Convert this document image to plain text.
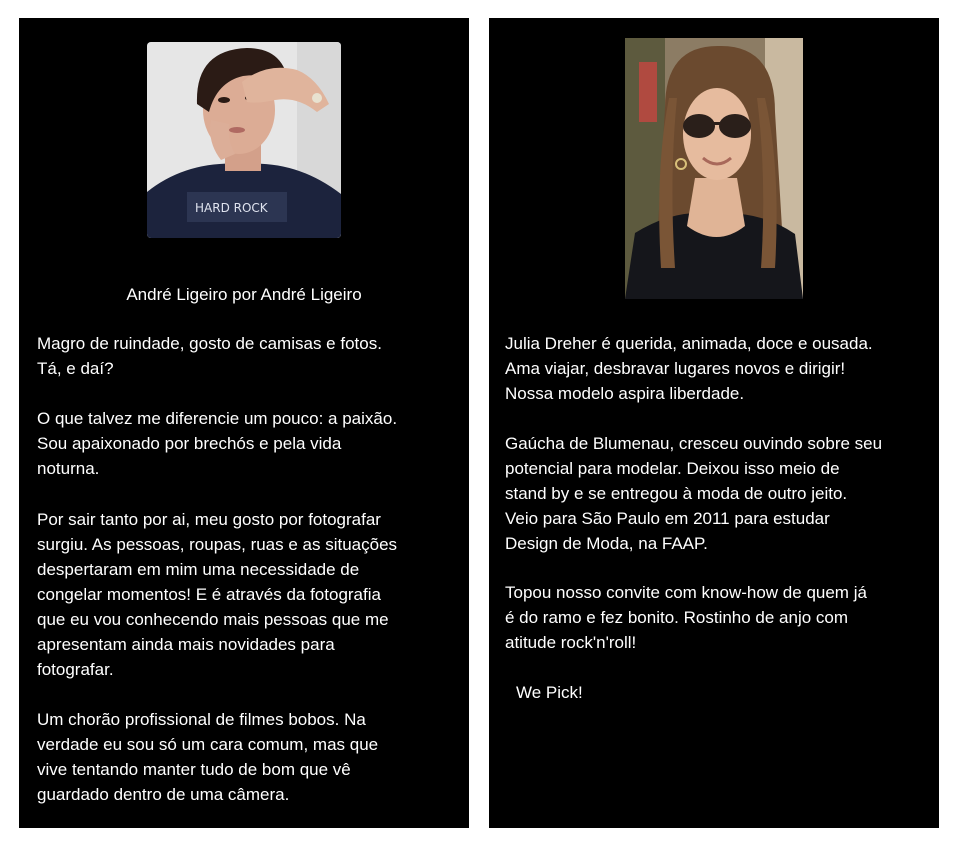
HARD ROCK
André Ligeiro por André Ligeiro
Magro de ruindade, gosto de camisas e fotos.
Tá, e daí?
O que talvez me diferencie um pouco: a paixão.
Sou apaixonado por brechós e pela vida
noturna.
Por sair tanto por ai, meu gosto por fotografar
surgiu. As pessoas, roupas, ruas e as situações
despertaram em mim uma necessidade de
congelar momentos! E é através da fotografia
que eu vou conhecendo mais pessoas que me
apresentam ainda mais novidades para
fotografar.
Um chorão profissional de filmes bobos. Na
verdade eu sou só um cara comum, mas que
vive tentando manter tudo de bom que vê
guardado dentro de uma câmera.
Julia Dreher é querida, animada, doce e ousada.
Ama viajar, desbravar lugares novos e dirigir!
Nossa modelo aspira liberdade.
Gaúcha de Blumenau, cresceu ouvindo sobre seu
potencial para modelar. Deixou isso meio de
stand by e se entregou à moda de outro jeito.
Veio para São Paulo em 2011 para estudar
Design de Moda, na FAAP.
Topou nosso convite com know-how de quem já
é do ramo e fez bonito. Rostinho de anjo com
atitude rock'n'roll!
We Pick!
